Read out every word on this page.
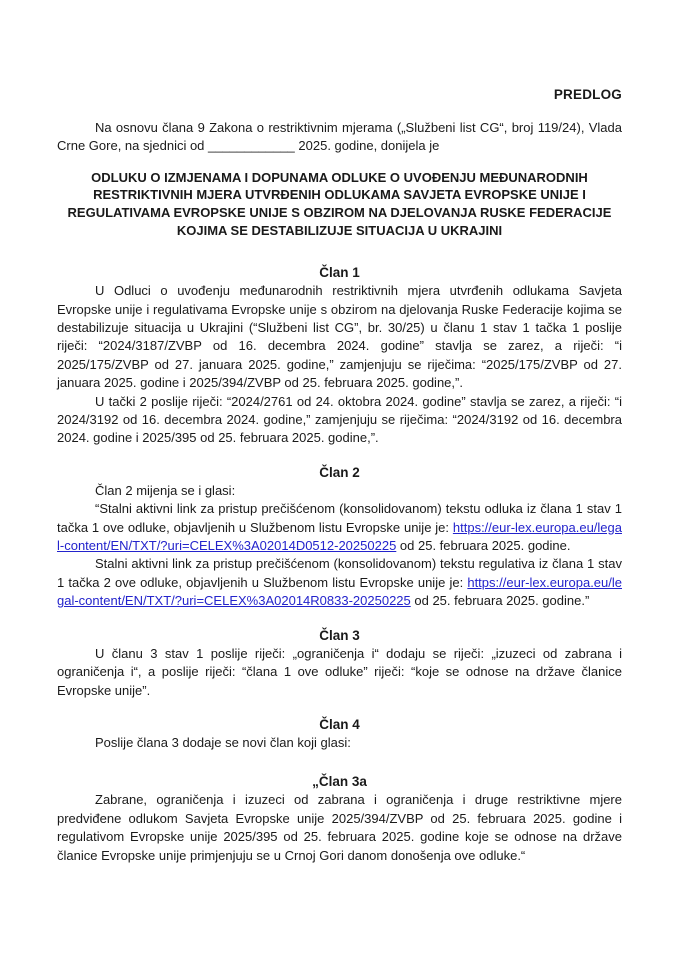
PREDLOG

Na osnovu člana 9 Zakona o restriktivnim mjerama („Službeni list CG“, broj 119/24), Vlada Crne Gore, na sjednici od ____________ 2025. godine, donijela je

ODLUKU O IZMJENAMA I DOPUNAMA ODLUKE O UVOĐENJU MEĐUNARODNIH RESTRIKTIVNIH MJERA UTVRĐENIH ODLUKAMA SAVJETA EVROPSKE UNIJE I REGULATIVAMA EVROPSKE UNIJE S OBZIROM NA DJELOVANJA RUSKE FEDERACIJE KOJIMA SE DESTABILIZUJE SITUACIJA U UKRAJINI
Član 1

U Odluci o uvođenju međunarodnih restriktivnih mjera utvrđenih odlukama Savjeta Evropske unije i regulativama Evropske unije s obzirom na djelovanja Ruske Federacije kojima se destabilizuje situacija u Ukrajini (“Službeni list CG”, br. 30/25) u članu 1 stav 1 tačka 1 poslije riječi: “2024/3187/ZVBP od 16. decembra 2024. godine” stavlja se zarez, a riječi: “i 2025/175/ZVBP od 27. januara 2025. godine,” zamjenjuju se riječima: “2025/175/ZVBP od 27. januara 2025. godine i 2025/394/ZVBP od 25. februara 2025. godine,”.

U tački 2 poslije riječi: “2024/2761 od 24. oktobra 2024. godine” stavlja se zarez, a riječi: “i 2024/3192 od 16. decembra 2024. godine,” zamjenjuju se riječima: “2024/3192 od 16. decembra 2024. godine i 2025/395 od 25. februara 2025. godine,”.

Član 2

Član 2 mijenja se i glasi:

“Stalni aktivni link za pristup prečišćenom (konsolidovanom) tekstu odluka iz člana 1 stav 1 tačka 1 ove odluke, objavljenih u Službenom listu Evropske unije je: https://eur-lex.europa.eu/legal-content/EN/TXT/?uri=CELEX%3A02014D0512-20250225 od 25. februara 2025. godine.

Stalni aktivni link za pristup prečišćenom (konsolidovanom) tekstu regulativa iz člana 1 stav 1 tačka 2 ove odluke, objavljenih u Službenom listu Evropske unije je: https://eur-lex.europa.eu/legal-content/EN/TXT/?uri=CELEX%3A02014R0833-20250225 od 25. februara 2025. godine.”

Član 3

U članu 3 stav 1 poslije riječi: „ograničenja i“ dodaju se riječi: „izuzeci od zabrana i ograničenja i“, a poslije riječi: “člana 1 ove odluke” riječi: “koje se odnose na države članice Evropske unije”.

Član 4

Poslije člana 3 dodaje se novi član koji glasi:

„Član 3a

Zabrane, ograničenja i izuzeci od zabrana i ograničenja i druge restriktivne mjere predviđene odlukom Savjeta Evropske unije 2025/394/ZVBP od 25. februara 2025. godine i regulativom Evropske unije 2025/395 od 25. februara 2025. godine koje se odnose na države članice Evropske unije primjenjuju se u Crnoj Gori danom donošenja ove odluke.“
